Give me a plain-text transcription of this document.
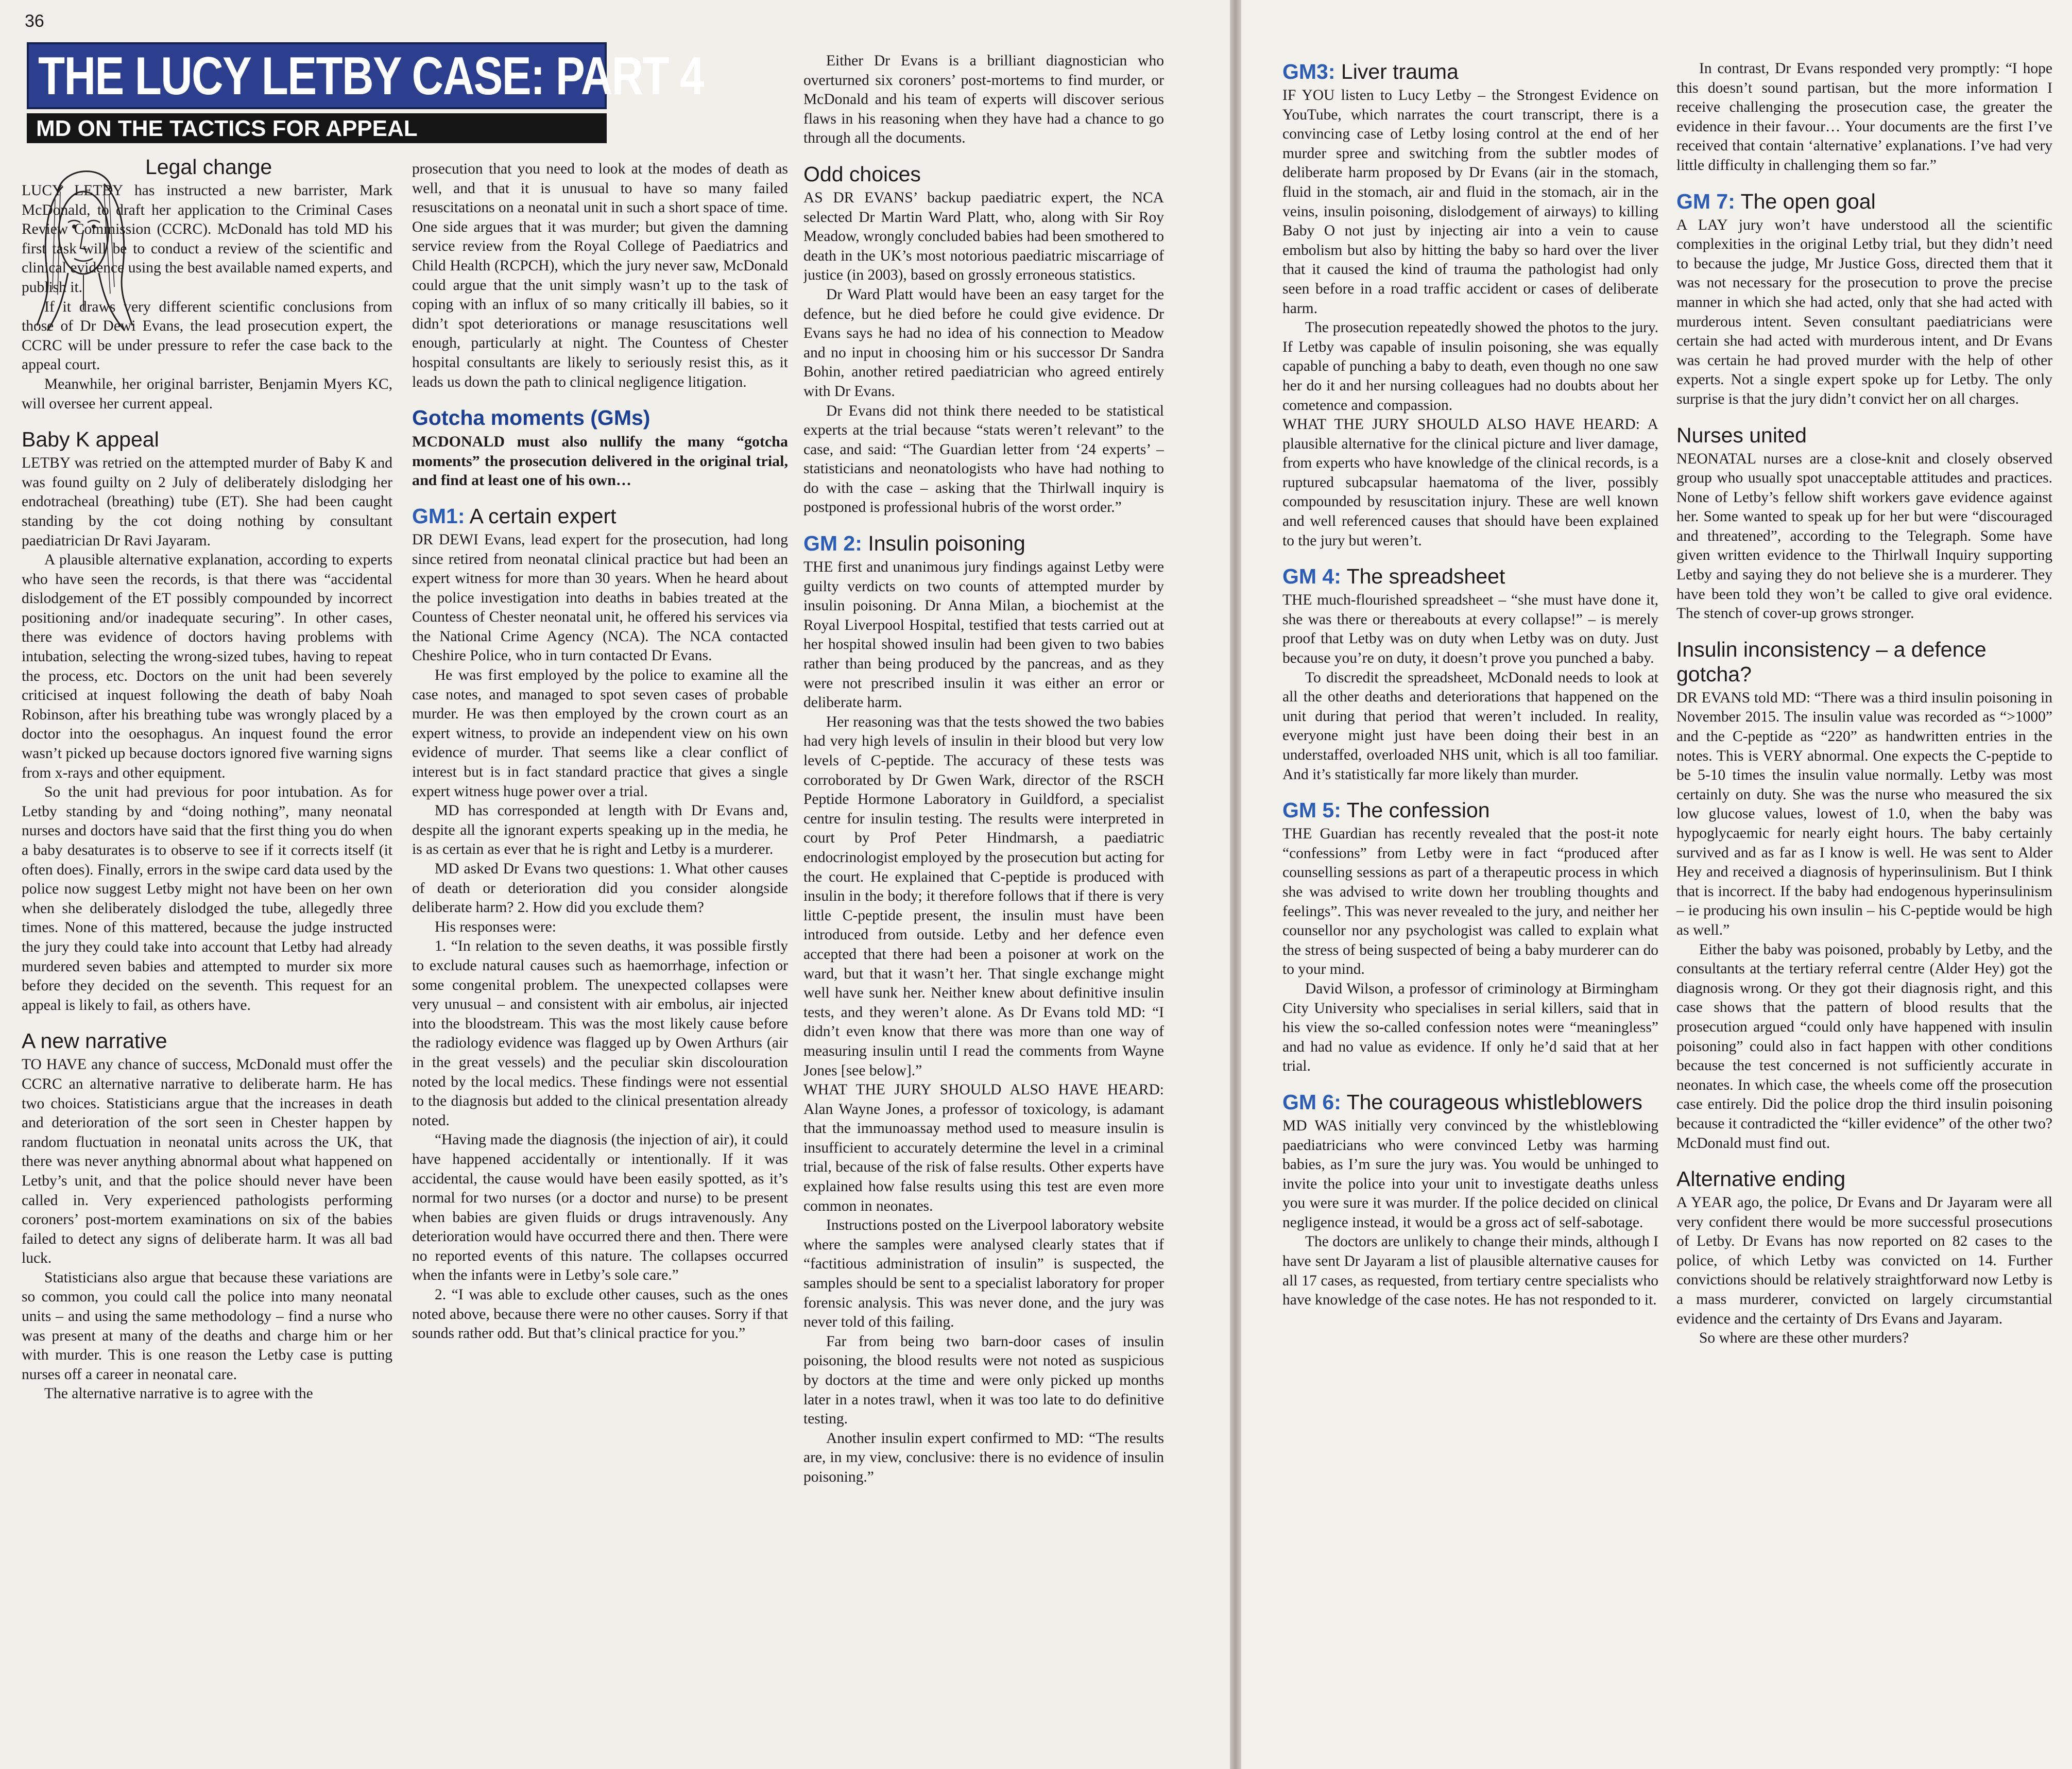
36
THE LUCY LETBY CASE: PART 4
MD ON THE TACTICS FOR APPEAL
Legal change

LUCY LETBY has instructed a new barrister, Mark McDonald, to draft her application to the Criminal Cases Review Commission (CCRC). McDonald has told MD his first task will be to conduct a review of the scientific and clinical evidence using the best available named experts, and publish it.

If it draws very different scientific conclusions from those of Dr Dewi Evans, the lead prosecution expert, the CCRC will be under pressure to refer the case back to the appeal court.

Meanwhile, her original barrister, Benjamin Myers KC, will oversee her current appeal.

Baby K appeal

LETBY was retried on the attempted murder of Baby K and was found guilty on 2 July of deliberately dislodging her endotracheal (breathing) tube (ET). She had been caught standing by the cot doing nothing by consultant paediatrician Dr Ravi Jayaram.

A plausible alternative explanation, according to experts who have seen the records, is that there was “accidental dislodgement of the ET possibly compounded by incorrect positioning and/or inadequate securing”. In other cases, there was evidence of doctors having problems with intubation, selecting the wrong-sized tubes, having to repeat the process, etc. Doctors on the unit had been severely criticised at inquest following the death of baby Noah Robinson, after his breathing tube was wrongly placed by a doctor into the oesophagus. An inquest found the error wasn’t picked up because doctors ignored five warning signs from x-rays and other equipment.

So the unit had previous for poor intubation. As for Letby standing by and “doing nothing”, many neonatal nurses and doctors have said that the first thing you do when a baby desaturates is to observe to see if it corrects itself (it often does). Finally, errors in the swipe card data used by the police now suggest Letby might not have been on her own when she deliberately dislodged the tube, allegedly three times. None of this mattered, because the judge instructed the jury they could take into account that Letby had already murdered seven babies and attempted to murder six more before they decided on the seventh. This request for an appeal is likely to fail, as others have.

A new narrative

TO HAVE any chance of success, McDonald must offer the CCRC an alternative narrative to deliberate harm. He has two choices. Statisticians argue that the increases in death and deterioration of the sort seen in Chester happen by random fluctuation in neonatal units across the UK, that there was never anything abnormal about what happened on Letby’s unit, and that the police should never have been called in. Very experienced pathologists performing coroners’ post-mortem examinations on six of the babies failed to detect any signs of deliberate harm. It was all bad luck.

Statisticians also argue that because these variations are so common, you could call the police into many neonatal units – and using the same methodology – find a nurse who was present at many of the deaths and charge him or her with murder. This is one reason the Letby case is putting nurses off a career in neonatal care.

The alternative narrative is to agree with the

prosecution that you need to look at the modes of death as well, and that it is unusual to have so many failed resuscitations on a neonatal unit in such a short space of time. One side argues that it was murder; but given the damning service review from the Royal College of Paediatrics and Child Health (RCPCH), which the jury never saw, McDonald could argue that the unit simply wasn’t up to the task of coping with an influx of so many critically ill babies, so it didn’t spot deteriorations or manage resuscitations well enough, particularly at night. The Countess of Chester hospital consultants are likely to seriously resist this, as it leads us down the path to clinical negligence litigation.

Gotcha moments (GMs)

MCDONALD must also nullify the many “gotcha moments” the prosecution delivered in the original trial, and find at least one of his own…

GM1: A certain expert

DR DEWI Evans, lead expert for the prosecution, had long since retired from neonatal clinical practice but had been an expert witness for more than 30 years. When he heard about the police investigation into deaths in babies treated at the Countess of Chester neonatal unit, he offered his services via the National Crime Agency (NCA). The NCA contacted Cheshire Police, who in turn contacted Dr Evans.

He was first employed by the police to examine all the case notes, and managed to spot seven cases of probable murder. He was then employed by the crown court as an expert witness, to provide an independent view on his own evidence of murder. That seems like a clear conflict of interest but is in fact standard practice that gives a single expert witness huge power over a trial.

MD has corresponded at length with Dr Evans and, despite all the ignorant experts speaking up in the media, he is as certain as ever that he is right and Letby is a murderer.

MD asked Dr Evans two questions: 1. What other causes of death or deterioration did you consider alongside deliberate harm? 2. How did you exclude them?

His responses were:

1. “In relation to the seven deaths, it was possible firstly to exclude natural causes such as haemorrhage, infection or some congenital problem. The unexpected collapses were very unusual – and consistent with air embolus, air injected into the bloodstream. This was the most likely cause before the radiology evidence was flagged up by Owen Arthurs (air in the great vessels) and the peculiar skin discolouration noted by the local medics. These findings were not essential to the diagnosis but added to the clinical presentation already noted.

“Having made the diagnosis (the injection of air), it could have happened accidentally or intentionally. If it was accidental, the cause would have been easily spotted, as it’s normal for two nurses (or a doctor and nurse) to be present when babies are given fluids or drugs intravenously. Any deterioration would have occurred there and then. There were no reported events of this nature. The collapses occurred when the infants were in Letby’s sole care.”

2. “I was able to exclude other causes, such as the ones noted above, because there were no other causes. Sorry if that sounds rather odd. But that’s clinical practice for you.”

Either Dr Evans is a brilliant diagnostician who overturned six coroners’ post-mortems to find murder, or McDonald and his team of experts will discover serious flaws in his reasoning when they have had a chance to go through all the documents.

Odd choices

AS DR EVANS’ backup paediatric expert, the NCA selected Dr Martin Ward Platt, who, along with Sir Roy Meadow, wrongly concluded babies had been smothered to death in the UK’s most notorious paediatric miscarriage of justice (in 2003), based on grossly erroneous statistics.

Dr Ward Platt would have been an easy target for the defence, but he died before he could give evidence. Dr Evans says he had no idea of his connection to Meadow and no input in choosing him or his successor Dr Sandra Bohin, another retired paediatrician who agreed entirely with Dr Evans.

Dr Evans did not think there needed to be statistical experts at the trial because “stats weren’t relevant” to the case, and said: “The Guardian letter from ‘24 experts’ – statisticians and neonatologists who have had nothing to do with the case – asking that the Thirlwall inquiry is postponed is professional hubris of the worst order.”

GM 2: Insulin poisoning

THE first and unanimous jury findings against Letby were guilty verdicts on two counts of attempted murder by insulin poisoning. Dr Anna Milan, a biochemist at the Royal Liverpool Hospital, testified that tests carried out at her hospital showed insulin had been given to two babies rather than being produced by the pancreas, and as they were not prescribed insulin it was either an error or deliberate harm.

Her reasoning was that the tests showed the two babies had very high levels of insulin in their blood but very low levels of C-peptide. The accuracy of these tests was corroborated by Dr Gwen Wark, director of the RSCH Peptide Hormone Laboratory in Guildford, a specialist centre for insulin testing. The results were interpreted in court by Prof Peter Hindmarsh, a paediatric endocrinologist employed by the prosecution but acting for the court. He explained that C-peptide is produced with insulin in the body; it therefore follows that if there is very little C-peptide present, the insulin must have been introduced from outside. Letby and her defence even accepted that there had been a poisoner at work on the ward, but that it wasn’t her. That single exchange might well have sunk her. Neither knew about definitive insulin tests, and they weren’t alone. As Dr Evans told MD: “I didn’t even know that there was more than one way of measuring insulin until I read the comments from Wayne Jones [see below].”

WHAT THE JURY SHOULD ALSO HAVE HEARD: Alan Wayne Jones, a professor of toxicology, is adamant that the immunoassay method used to measure insulin is insufficient to accurately determine the level in a criminal trial, because of the risk of false results. Other experts have explained how false results using this test are even more common in neonates.

Instructions posted on the Liverpool laboratory website where the samples were analysed clearly states that if “factitious administration of insulin” is suspected, the samples should be sent to a specialist laboratory for proper forensic analysis. This was never done, and the jury was never told of this failing.

Far from being two barn-door cases of insulin poisoning, the blood results were not noted as suspicious by doctors at the time and were only picked up months later in a notes trawl, when it was too late to do definitive testing.

Another insulin expert confirmed to MD: “The results are, in my view, conclusive: there is no evidence of insulin poisoning.”

GM3: Liver trauma

IF YOU listen to Lucy Letby – the Strongest Evidence on YouTube, which narrates the court transcript, there is a convincing case of Letby losing control at the end of her murder spree and switching from the subtler modes of deliberate harm proposed by Dr Evans (air in the stomach, fluid in the stomach, air and fluid in the stomach, air in the veins, insulin poisoning, dislodgement of airways) to killing Baby O not just by injecting air into a vein to cause embolism but also by hitting the baby so hard over the liver that it caused the kind of trauma the pathologist had only seen before in a road traffic accident or cases of deliberate harm.

The prosecution repeatedly showed the photos to the jury. If Letby was capable of insulin poisoning, she was equally capable of punching a baby to death, even though no one saw her do it and her nursing colleagues had no doubts about her cometence and compassion.

WHAT THE JURY SHOULD ALSO HAVE HEARD: A plausible alternative for the clinical picture and liver damage, from experts who have knowledge of the clinical records, is a ruptured subcapsular haematoma of the liver, possibly compounded by resuscitation injury. These are well known and well referenced causes that should have been explained to the jury but weren’t.

GM 4: The spreadsheet

THE much-flourished spreadsheet – “she must have done it, she was there or thereabouts at every collapse!” – is merely proof that Letby was on duty when Letby was on duty. Just because you’re on duty, it doesn’t prove you punched a baby.

To discredit the spreadsheet, McDonald needs to look at all the other deaths and deteriorations that happened on the unit during that period that weren’t included. In reality, everyone might just have been doing their best in an understaffed, overloaded NHS unit, which is all too familiar. And it’s statistically far more likely than murder.

GM 5: The confession

THE Guardian has recently revealed that the post-it note “confessions” from Letby were in fact “produced after counselling sessions as part of a therapeutic process in which she was advised to write down her troubling thoughts and feelings”. This was never revealed to the jury, and neither her counsellor nor any psychologist was called to explain what the stress of being suspected of being a baby murderer can do to your mind.

David Wilson, a professor of criminology at Birmingham City University who specialises in serial killers, said that in his view the so-called confession notes were “meaningless” and had no value as evidence. If only he’d said that at her trial.

GM 6: The courageous whistleblowers

MD WAS initially very convinced by the whistleblowing paediatricians who were convinced Letby was harming babies, as I’m sure the jury was. You would be unhinged to invite the police into your unit to investigate deaths unless you were sure it was murder. If the police decided on clinical negligence instead, it would be a gross act of self-sabotage.

The doctors are unlikely to change their minds, although I have sent Dr Jayaram a list of plausible alternative causes for all 17 cases, as requested, from tertiary centre specialists who have knowledge of the case notes. He has not responded to it.

In contrast, Dr Evans responded very promptly: “I hope this doesn’t sound partisan, but the more information I receive challenging the prosecution case, the greater the evidence in their favour… Your documents are the first I’ve received that contain ‘alternative’ explanations. I’ve had very little difficulty in challenging them so far.”

GM 7: The open goal

A LAY jury won’t have understood all the scientific complexities in the original Letby trial, but they didn’t need to because the judge, Mr Justice Goss, directed them that it was not necessary for the prosecution to prove the precise manner in which she had acted, only that she had acted with murderous intent. Seven consultant paediatricians were certain she had acted with murderous intent, and Dr Evans was certain he had proved murder with the help of other experts. Not a single expert spoke up for Letby. The only surprise is that the jury didn’t convict her on all charges.

Nurses united

NEONATAL nurses are a close-knit and closely observed group who usually spot unacceptable attitudes and practices. None of Letby’s fellow shift workers gave evidence against her. Some wanted to speak up for her but were “discouraged and threatened”, according to the Telegraph. Some have given written evidence to the Thirlwall Inquiry supporting Letby and saying they do not believe she is a murderer. They have been told they won’t be called to give oral evidence. The stench of cover-up grows stronger.

Insulin inconsistency – a defence gotcha?

DR EVANS told MD: “There was a third insulin poisoning in November 2015. The insulin value was recorded as “>1000” and the C-peptide as “220” as handwritten entries in the notes. This is VERY abnormal. One expects the C-peptide to be 5-10 times the insulin value normally. Letby was most certainly on duty. She was the nurse who measured the six low glucose values, lowest of 1.0, when the baby was hypoglycaemic for nearly eight hours. The baby certainly survived and as far as I know is well. He was sent to Alder Hey and received a diagnosis of hyperinsulinism. But I think that is incorrect. If the baby had endogenous hyperinsulinism – ie producing his own insulin – his C-peptide would be high as well.”

Either the baby was poisoned, probably by Letby, and the consultants at the tertiary referral centre (Alder Hey) got the diagnosis wrong. Or they got their diagnosis right, and this case shows that the pattern of blood results that the prosecution argued “could only have happened with insulin poisoning” could also in fact happen with other conditions because the test concerned is not sufficiently accurate in neonates. In which case, the wheels come off the prosecution case entirely. Did the police drop the third insulin poisoning because it contradicted the “killer evidence” of the other two? McDonald must find out.

Alternative ending

A YEAR ago, the police, Dr Evans and Dr Jayaram were all very confident there would be more successful prosecutions of Letby. Dr Evans has now reported on 82 cases to the police, of which Letby was convicted on 14. Further convictions should be relatively straightforward now Letby is a mass murderer, convicted on largely circumstantial evidence and the certainty of Drs Evans and Jayaram.

So where are these other murders?
